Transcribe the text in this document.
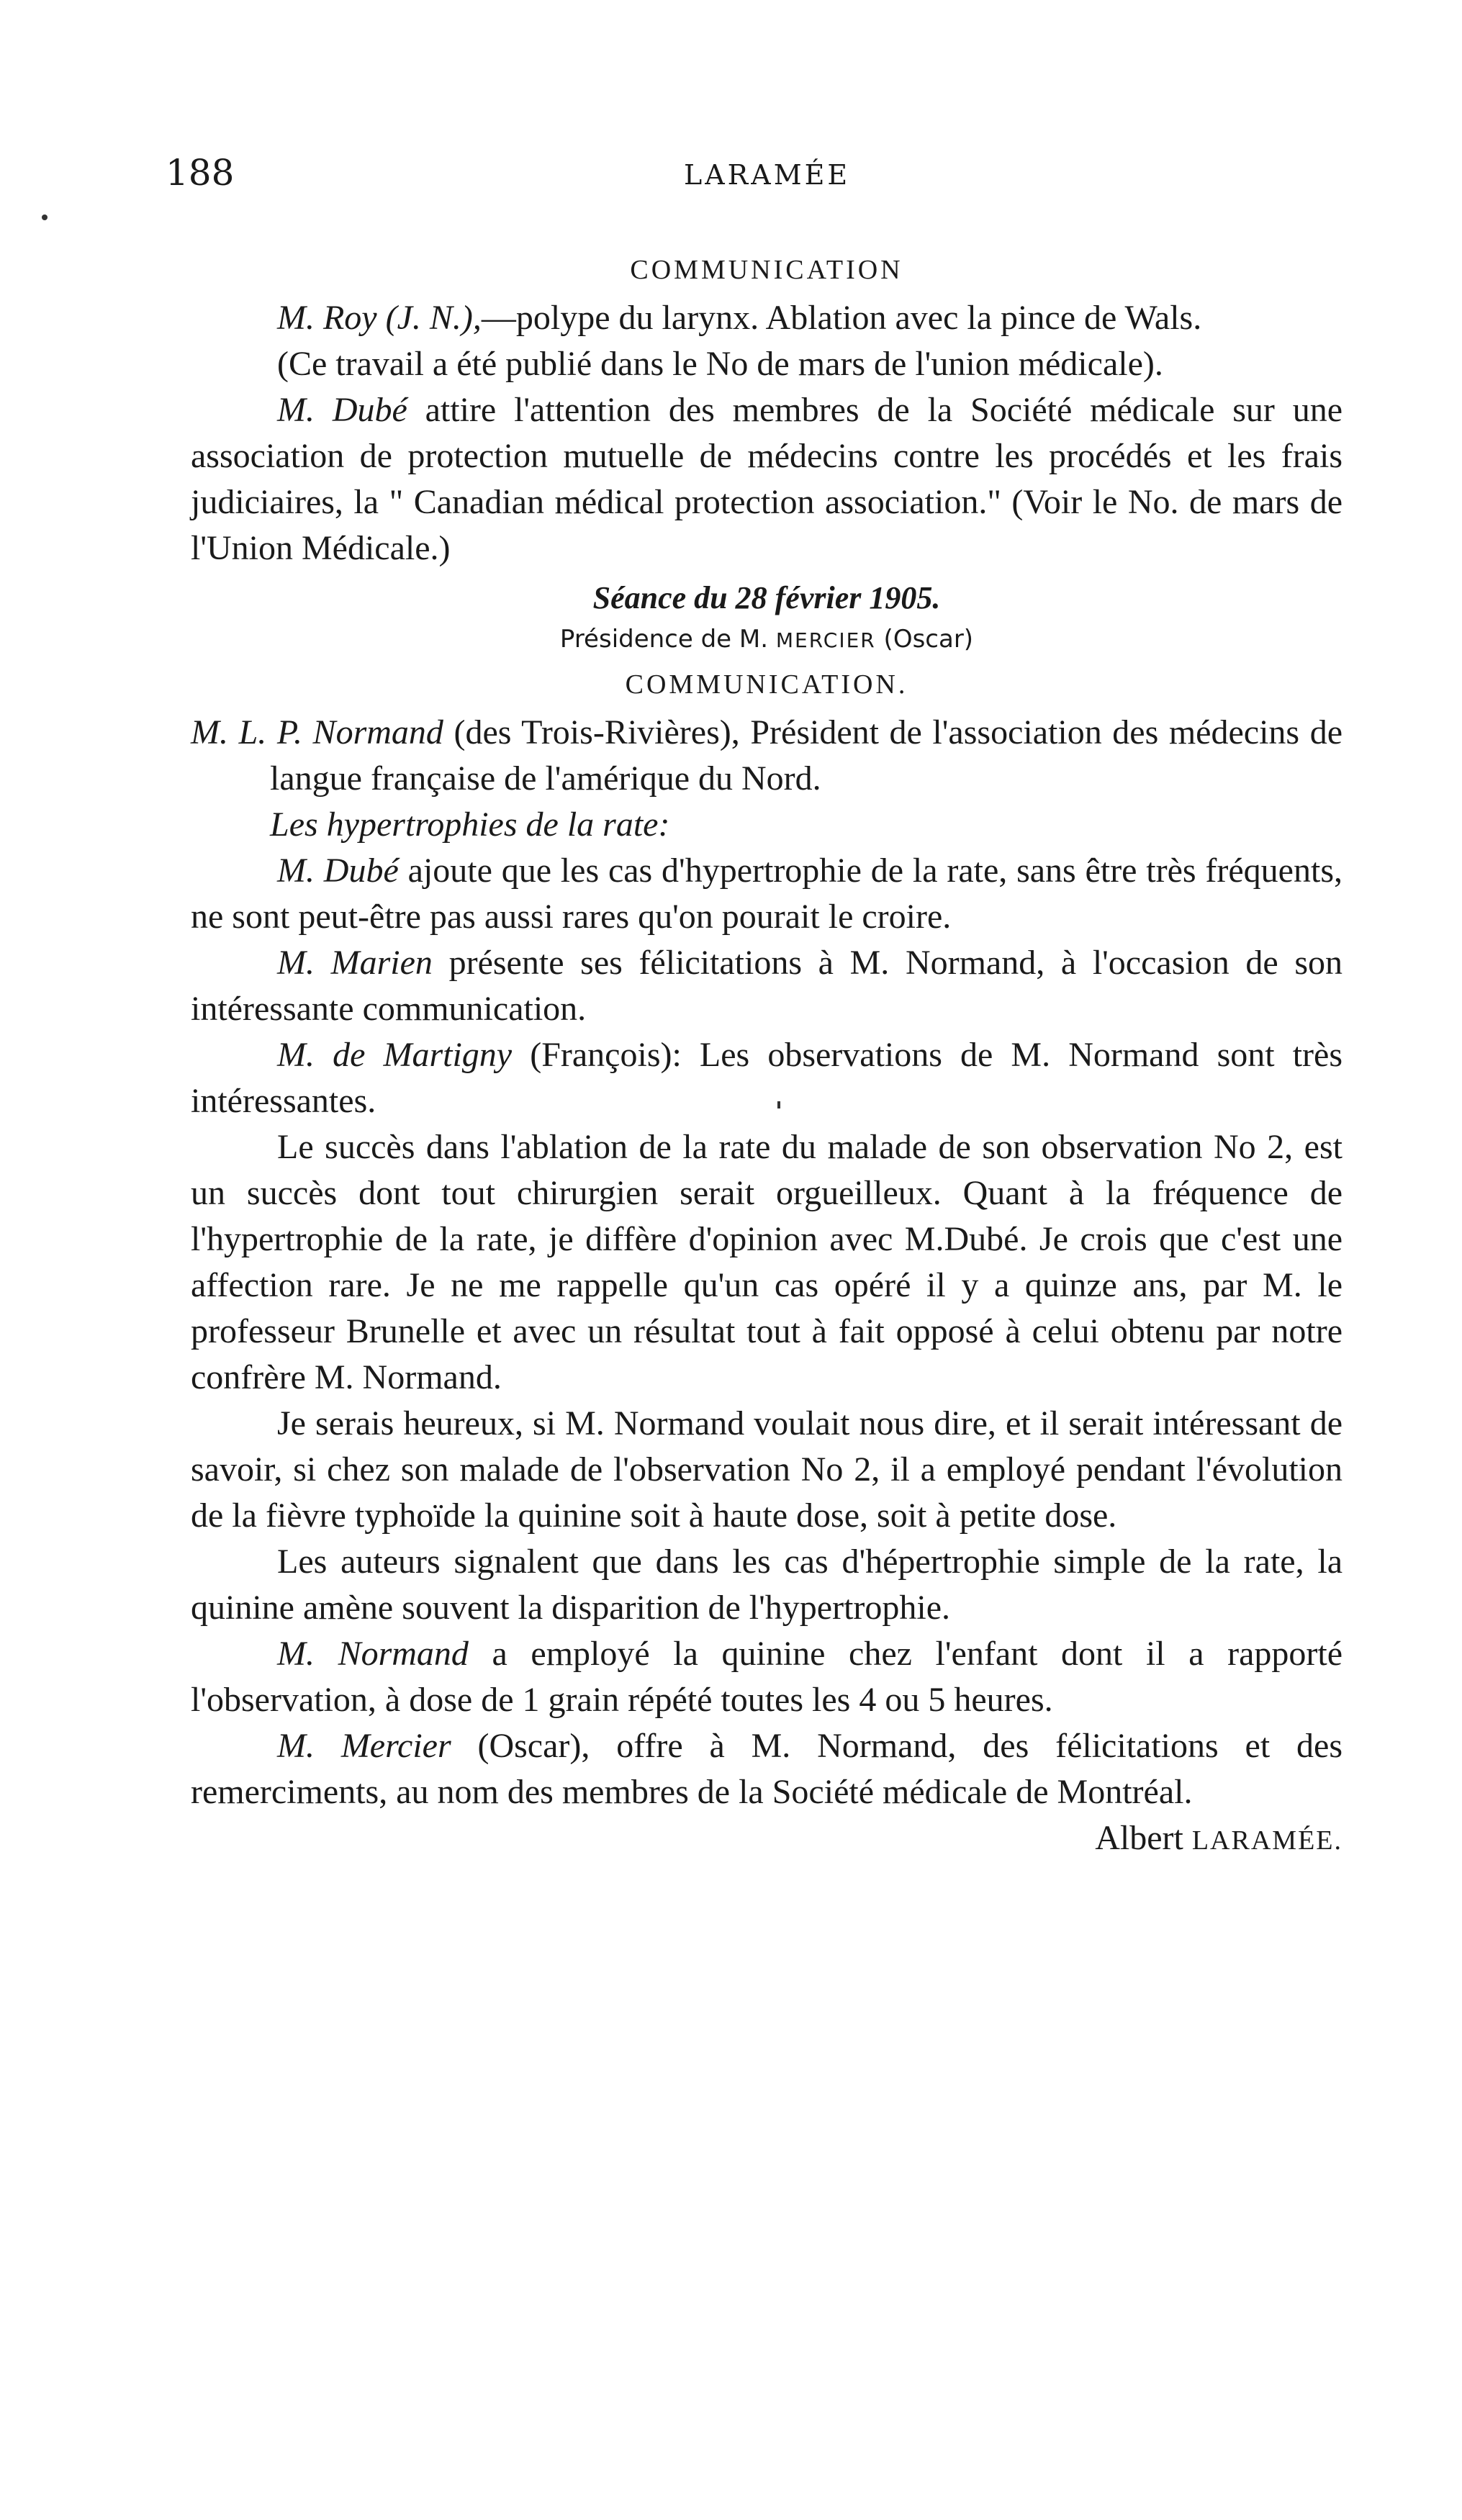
188	LARAMÉE
COMMUNICATION

M. Roy (J. N.),—polype du larynx. Ablation avec la pince de Wals.

(Ce travail a été publié dans le No de mars de l'union médicale).

M. Dubé attire l'attention des membres de la Société médicale sur une association de protection mutuelle de médecins contre les procédés et les frais judiciaires, la " Canadian médical protection association." (Voir le No. de mars de l'Union Médicale.)

Séance du 28 février 1905.
Présidence de M. MERCIER (Oscar)
COMMUNICATION.

M. L. P. Normand (des Trois-Rivières), Président de l'association des médecins de langue française de l'amérique du Nord.

Les hypertrophies de la rate:

M. Dubé ajoute que les cas d'hypertrophie de la rate, sans être très fréquents, ne sont peut-être pas aussi rares qu'on pourait le croire.

M. Marien présente ses félicitations à M. Normand, à l'occasion de son intéressante communication.

M. de Martigny (François): Les observations de M. Normand sont très intéressantes.

Le succès dans l'ablation de la rate du malade de son observation No 2, est un succès dont tout chirurgien serait orgueilleux. Quant à la fréquence de l'hypertrophie de la rate, je diffère d'opinion avec M.Dubé. Je crois que c'est une affection rare. Je ne me rappelle qu'un cas opéré il y a quinze ans, par M. le professeur Brunelle et avec un résultat tout à fait opposé à celui obtenu par notre confrère M. Normand.

Je serais heureux, si M. Normand voulait nous dire, et il serait intéressant de savoir, si chez son malade de l'observation No 2, il a employé pendant l'évolution de la fièvre typhoïde la quinine soit à haute dose, soit à petite dose.

Les auteurs signalent que dans les cas d'hépertrophie simple de la rate, la quinine amène souvent la disparition de l'hypertrophie.

M. Normand a employé la quinine chez l'enfant dont il a rapporté l'observation, à dose de 1 grain répété toutes les 4 ou 5 heures.

M. Mercier (Oscar), offre à M. Normand, des félicitations et des remerciments, au nom des membres de la Société médicale de Montréal.
Albert LARAMÉE.
